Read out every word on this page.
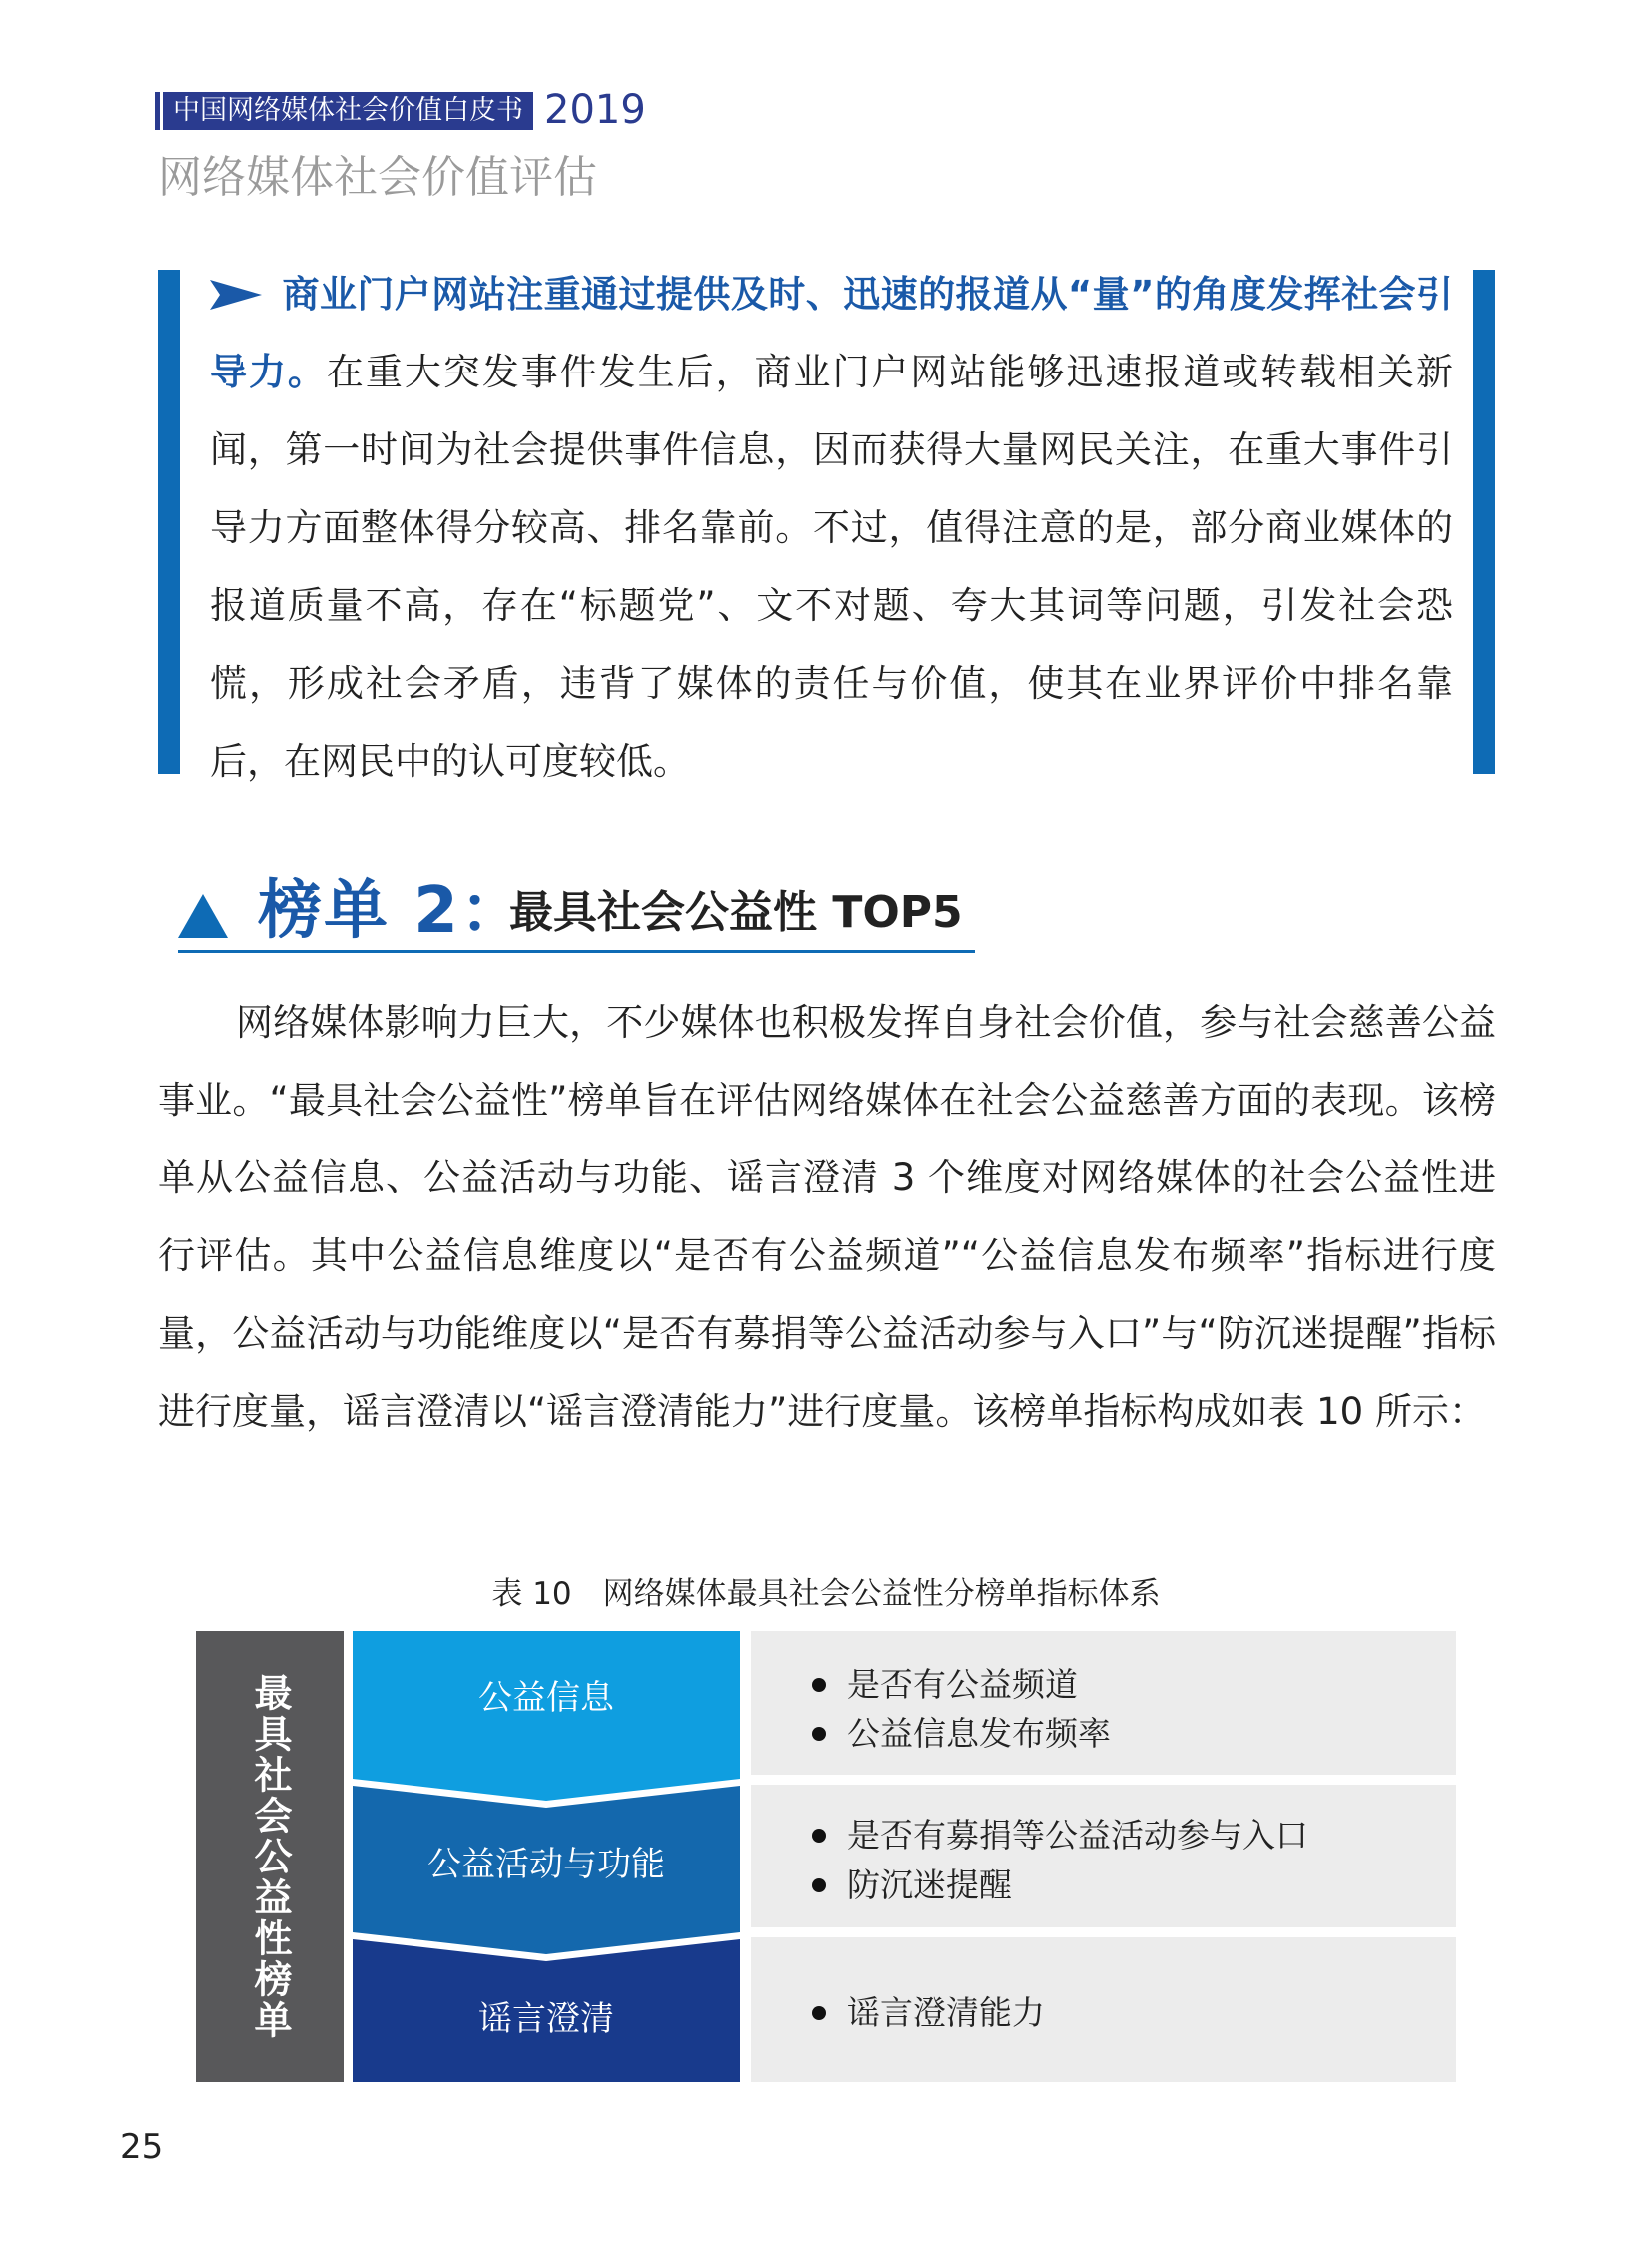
中国网络媒体社会价值白皮书 2019
网络媒体社会价值评估
商业门户网站注重通过提供及时、迅速的报道从“量”的角度发挥社会引导力。在重大突发事件发生后，商业门户网站能够迅速报道或转载相关新闻，第一时间为社会提供事件信息，因而获得大量网民关注，在重大事件引导力方面整体得分较高、排名靠前。不过，值得注意的是，部分商业媒体的报道质量不高，存在“标题党”、文不对题、夸大其词等问题，引发社会恐慌，形成社会矛盾，违背了媒体的责任与价值，使其在业界评价中排名靠后，在网民中的认可度较低。
榜单 2：
最具社会公益性 TOP5
网络媒体影响力巨大，不少媒体也积极发挥自身社会价值，参与社会慈善公益事业。“最具社会公益性”榜单旨在评估网络媒体在社会公益慈善方面的表现。该榜单从公益信息、公益活动与功能、谣言澄清 3 个维度对网络媒体的社会公益性进行评估。其中公益信息维度以“是否有公益频道”“公益信息发布频率”指标进行度量，公益活动与功能维度以“是否有募捐等公益活动参与入口”与“防沉迷提醒”指标进行度量，谣言澄清以“谣言澄清能力”进行度量。该榜单指标构成如表 10 所示：
表 10　网络媒体最具社会公益性分榜单指标体系
最具社会公益性榜单	公益信息
公益活动与功能
谣言澄清
是否有公益频道
公益信息发布频率
是否有募捐等公益活动参与入口
防沉迷提醒
谣言澄清能力
25
